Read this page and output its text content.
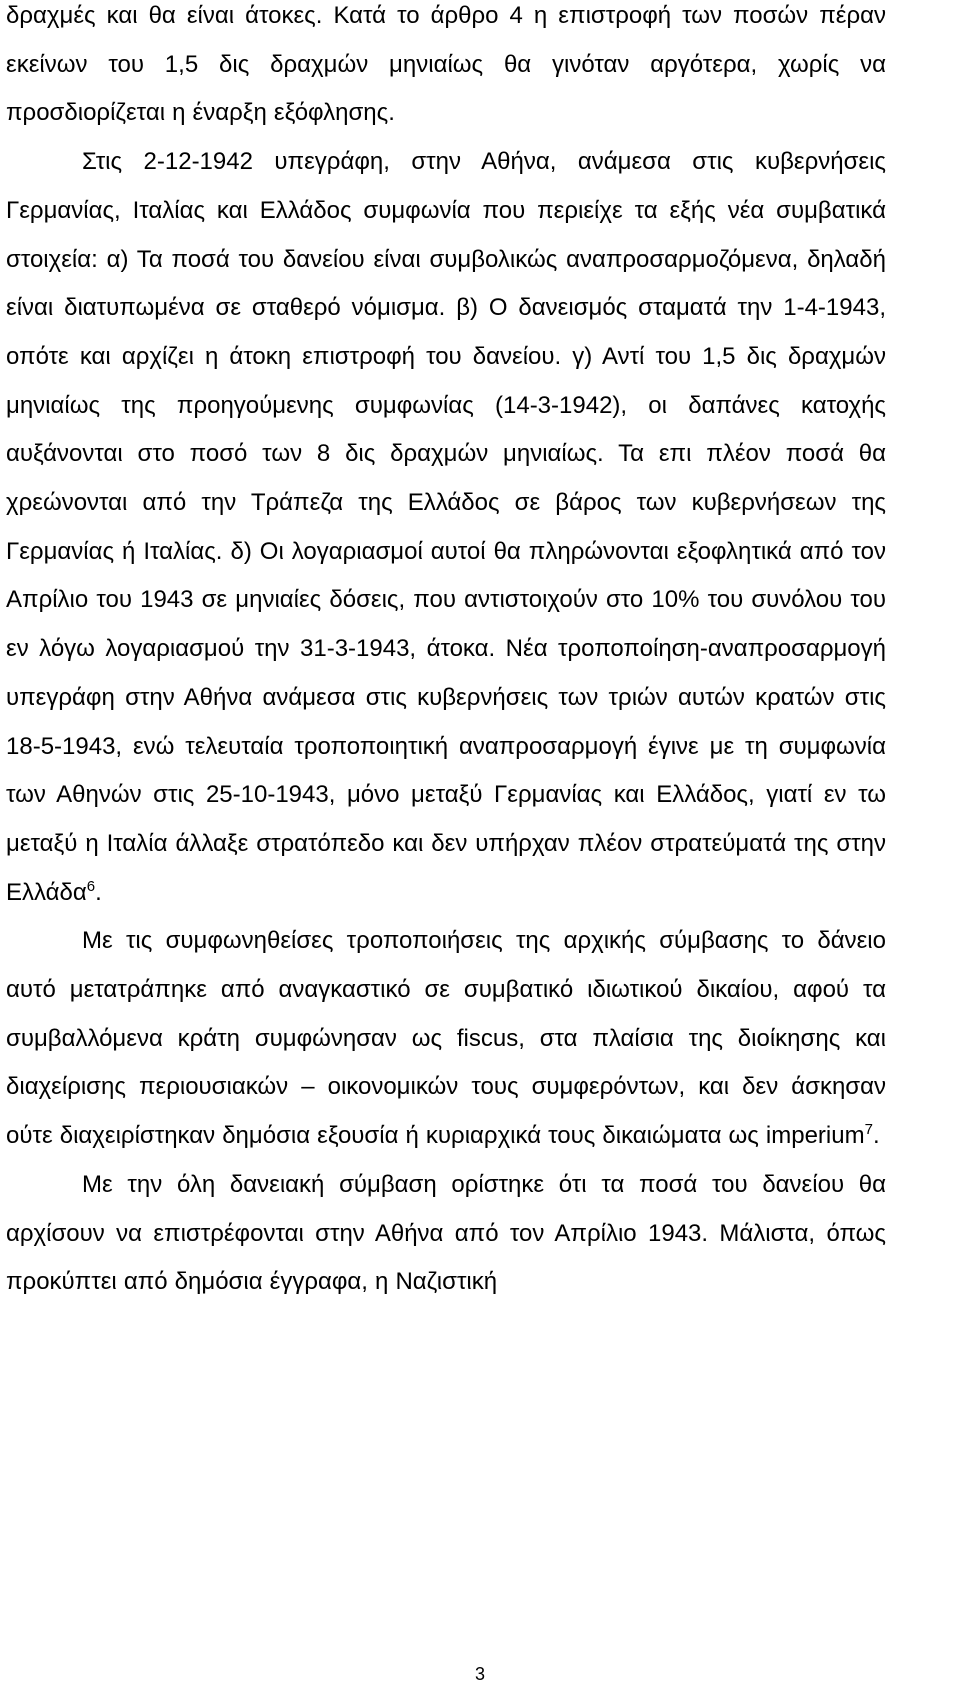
δραχμές και θα είναι άτοκες. Κατά το άρθρο 4 η επιστροφή των ποσών πέραν εκείνων του 1,5 δις δραχμών μηνιαίως θα γινόταν αργότερα, χωρίς να προσδιορίζεται η έναρξη εξόφλησης.

Στις 2-12-1942 υπεγράφη, στην Αθήνα, ανάμεσα στις κυβερνήσεις Γερμανίας, Ιταλίας και Ελλάδος συμφωνία που περιείχε τα εξής νέα συμβατικά στοιχεία: α) Τα ποσά του δανείου είναι συμβολικώς αναπροσαρμοζόμενα, δηλαδή είναι διατυπωμένα σε σταθερό νόμισμα. β) Ο δανεισμός σταματά την 1-4-1943, οπότε και αρχίζει η άτοκη επιστροφή του δανείου. γ) Αντί του 1,5 δις δραχμών μηνιαίως της προηγούμενης συμφωνίας (14-3-1942), οι δαπάνες κατοχής αυξάνονται στο ποσό των 8 δις δραχμών μηνιαίως. Τα επι πλέον ποσά θα χρεώνονται από την Τράπεζα της Ελλάδος σε βάρος των κυβερνήσεων της Γερμανίας ή Ιταλίας. δ) Οι λογαριασμοί αυτοί θα πληρώνονται εξοφλητικά από τον Απρίλιο του 1943 σε μηνιαίες δόσεις, που αντιστοιχούν στο 10% του συνόλου του εν λόγω λογαριασμού την 31-3-1943, άτοκα. Νέα τροποποίηση-αναπροσαρμογή υπεγράφη στην Αθήνα ανάμεσα στις κυβερνήσεις των τριών αυτών κρατών στις 18-5-1943, ενώ τελευταία τροποποιητική αναπροσαρμογή έγινε με τη συμφωνία των Αθηνών στις 25-10-1943, μόνο μεταξύ Γερμανίας και Ελλάδος, γιατί εν τω μεταξύ η Ιταλία άλλαξε στρατόπεδο και δεν υπήρχαν πλέον στρατεύματά της στην Ελλάδα$^6$.

Με τις συμφωνηθείσες τροποποιήσεις της αρχικής σύμβασης το δάνειο αυτό μετατράπηκε από αναγκαστικό σε συμβατικό ιδιωτικού δικαίου, αφού τα συμβαλλόμενα κράτη συμφώνησαν ως fiscus, στα πλαίσια της διοίκησης και διαχείρισης περιουσιακών – οικονομικών τους συμφερόντων, και δεν άσκησαν ούτε διαχειρίστηκαν δημόσια εξουσία ή κυριαρχικά τους δικαιώματα ως imperium$^7$.

Με την όλη δανειακή σύμβαση ορίστηκε ότι τα ποσά του δανείου θα αρχίσουν να επιστρέφονται στην Αθήνα από τον Απρίλιο 1943. Μάλιστα, όπως προκύπτει από δημόσια έγγραφα, η Ναζιστική

3
